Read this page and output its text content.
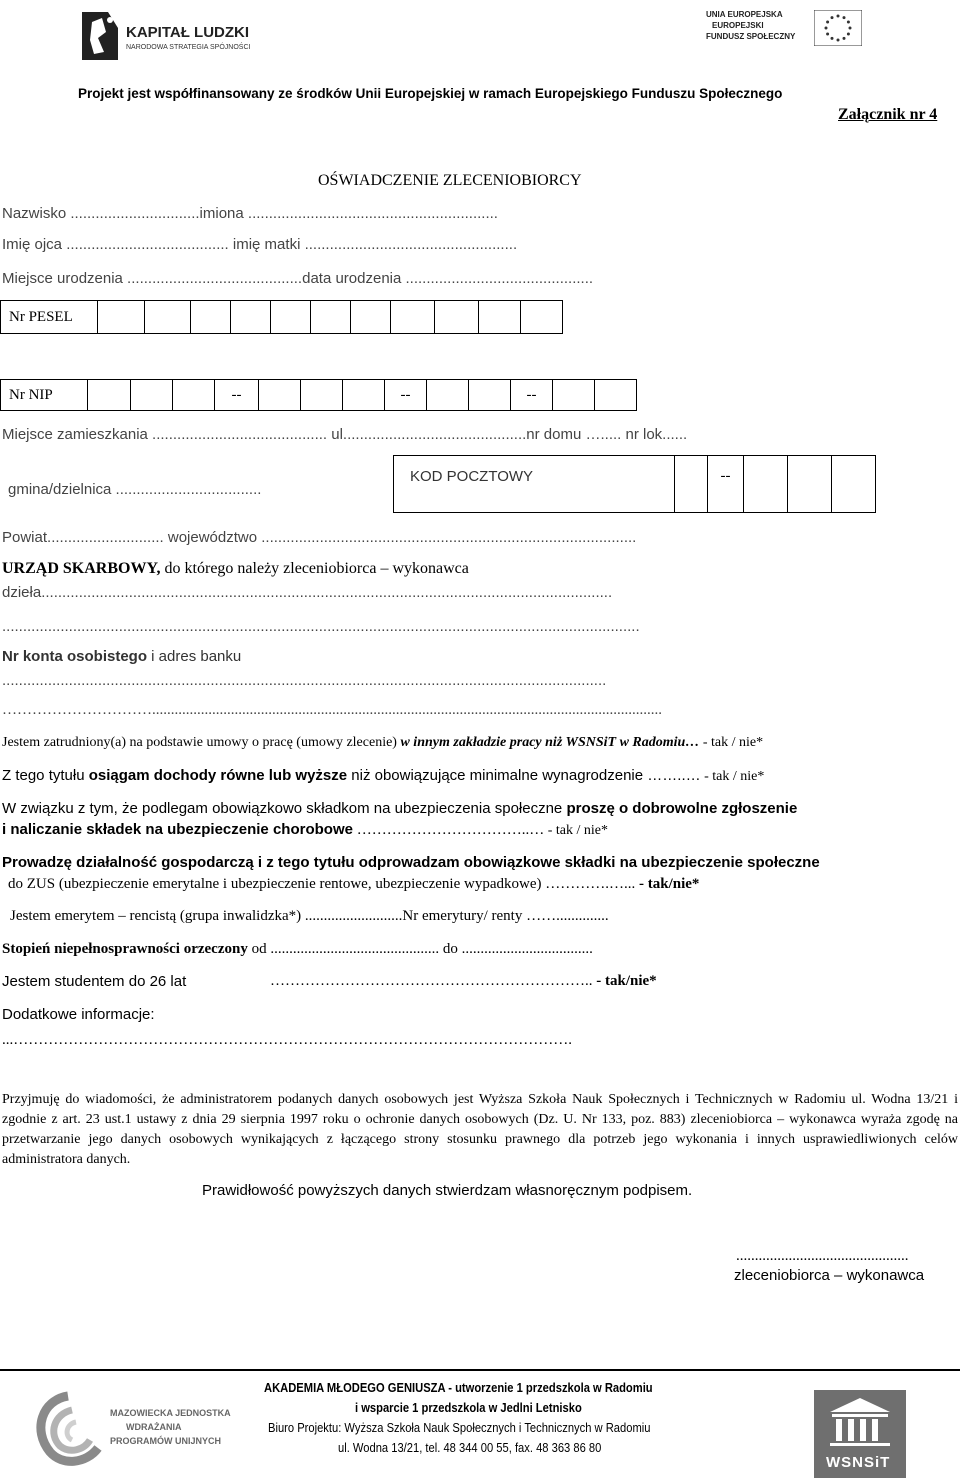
KAPITAŁ LUDZKI
NARODOWA STRATEGIA SPÓJNOŚCI
UNIA EUROPEJSKA
EUROPEJSKI
FUNDUSZ SPOŁECZNY
Projekt jest współfinansowany ze środków Unii Europejskiej w ramach Europejskiego Funduszu Społecznego
Załącznik nr 4
OŚWIADCZENIE ZLECENIOBIORCY
Nazwisko ...............................imiona ............................................................
Imię ojca ....................................... imię matki ...................................................
Miejsce urodzenia ..........................................data urodzenia .............................................
Nr PESEL
Nr NIP	--	--	--
Miejsce zamieszkania .......................................... ul............................................nr domu …..... nr lok......
gmina/dzielnica ...................................
KOD POCZTOWY	--
Powiat............................ województwo ..........................................................................................
URZĄD SKARBOWY, do którego należy zleceniobiorca – wykonawca
dzieła.........................................................................................................................................
.........................................................................................................................................................
Nr konta osobistego i adres banku
.................................................................................................................................................
…………………………........................................................................................................................................
Jestem zatrudniony(a) na podstawie umowy o pracę (umowy zlecenie) w innym zakładzie pracy niż WSNSiT w Radomiu… - tak / nie*
Z tego tytułu osiągam dochody równe lub wyższe niż obowiązujące minimalne wynagrodzenie ……..… - tak / nie*
W związku z tym, że podlegam obowiązkowo składkom na ubezpieczenia społeczne proszę o dobrowolne zgłoszenie
i naliczanie składek na ubezpieczenie chorobowe ……………………………..… - tak / nie*
Prowadzę działalność gospodarczą i z tego tytułu odprowadzam obowiązkowe składki na ubezpieczenie społeczne
do ZUS (ubezpieczenie emerytalne i ubezpieczenie rentowe, ubezpieczenie wypadkowe) ………….…... - tak/nie*
Jestem emerytem – rencistą (grupa inwalidzka*) ..........................Nr emerytury/ renty ……..............
Stopień niepełnosprawności orzeczony od ............................................. do ...................................
Jestem studentem do 26 lat	……………………………………………………….. - tak/nie*
Dodatkowe informacje:
...………………………………………………………………………………………………….
Przyjmuję do wiadomości, że administratorem podanych danych osobowych jest Wyższa Szkoła Nauk Społecznych i Technicznych w Radomiu ul. Wodna 13/21 i zgodnie z art. 23 ust.1 ustawy z dnia 29 sierpnia 1997 roku o ochronie danych osobowych (Dz. U. Nr 133, poz. 883) zleceniobiorca – wykonawca wyraża zgodę na przetwarzanie jego danych osobowych wynikających z łączącego strony stosunku prawnego dla potrzeb jego wykonania i innych usprawiedliwionych celów administratora danych.
Prawidłowość powyższych danych stwierdzam własnoręcznym podpisem.
..............................................
zleceniobiorca – wykonawca
MAZOWIECKA JEDNOSTKA
WDRAŻANIA
PROGRAMÓW UNIJNYCH
AKADEMIA MŁODEGO GENIUSZA - utworzenie 1 przedszkola w Radomiu
i wsparcie 1 przedszkola w Jedlni Letnisko
Biuro Projektu: Wyższa Szkoła Nauk Społecznych i Technicznych w Radomiu
ul. Wodna 13/21, tel. 48 344 00 55, fax. 48 363 86 80
WSNSiT
